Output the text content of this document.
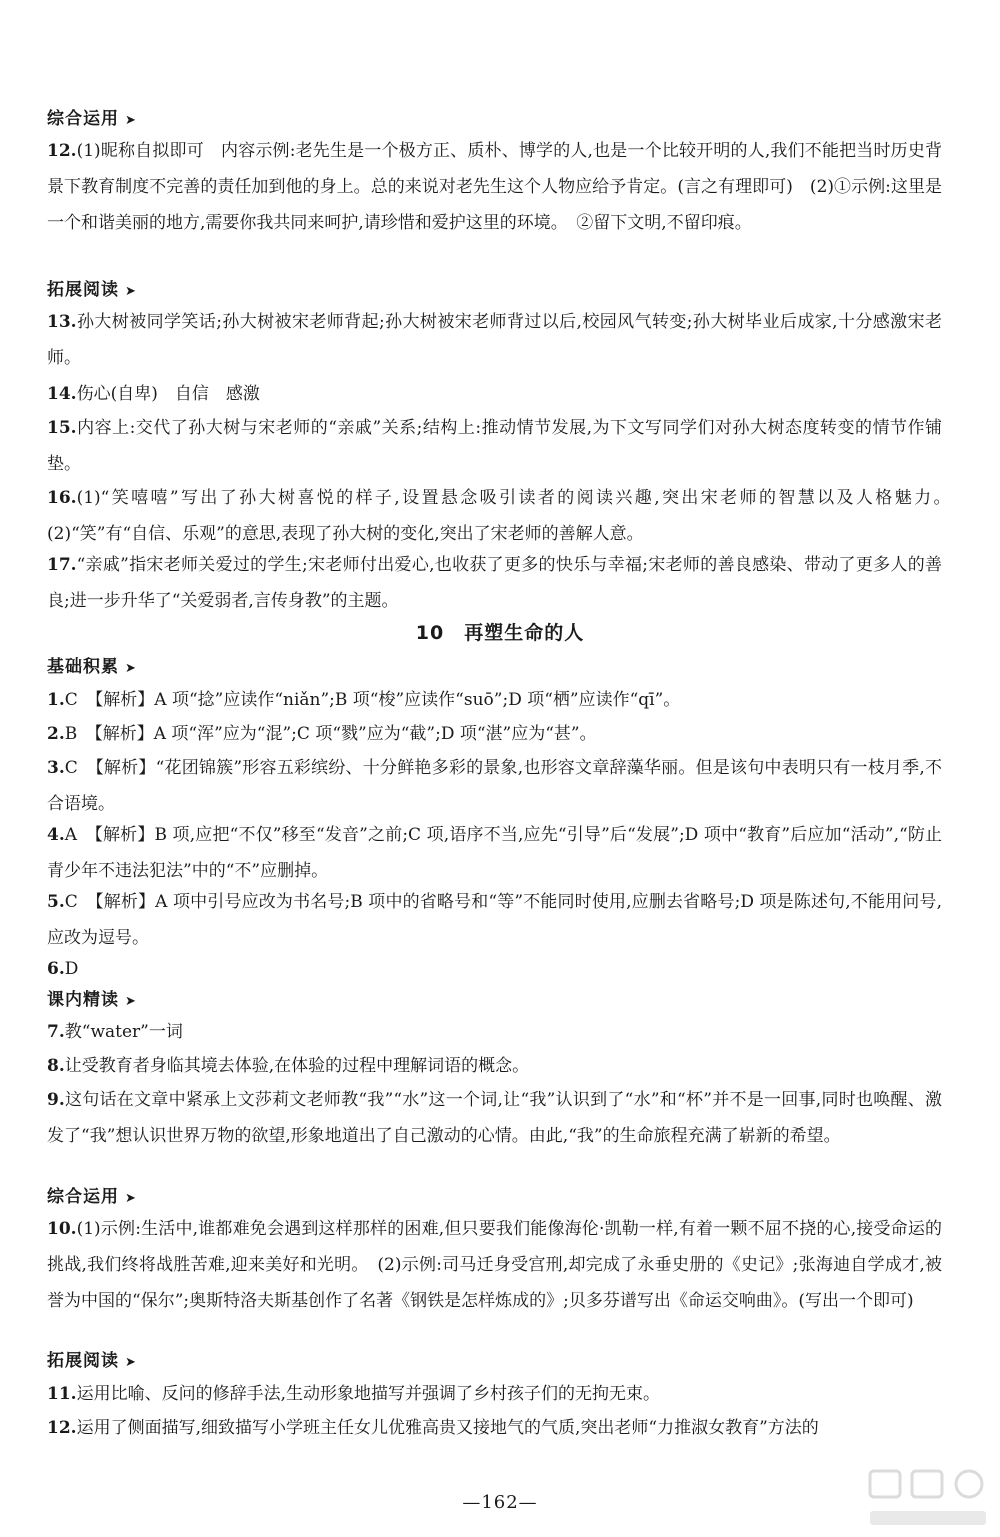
综合运用 ➤
12.(1)昵称自拟即可　内容示例:老先生是一个极方正、质朴、博学的人,也是一个比较开明的人,我们不能把当时历史背景下教育制度不完善的责任加到他的身上。总的来说对老先生这个人物应给予肯定。(言之有理即可)　(2)①示例:这里是一个和谐美丽的地方,需要你我共同来呵护,请珍惜和爱护这里的环境。　②留下文明,不留印痕。
拓展阅读 ➤
13.孙大树被同学笑话;孙大树被宋老师背起;孙大树被宋老师背过以后,校园风气转变;孙大树毕业后成家,十分感激宋老师。
14.伤心(自卑)　自信　感激
15.内容上:交代了孙大树与宋老师的“亲戚”关系;结构上:推动情节发展,为下文写同学们对孙大树态度转变的情节作铺垫。
16.(1)“笑嘻嘻”写出了孙大树喜悦的样子,设置悬念吸引读者的阅读兴趣,突出宋老师的智慧以及人格魅力。　(2)“笑”有“自信、乐观”的意思,表现了孙大树的变化,突出了宋老师的善解人意。
17.“亲戚”指宋老师关爱过的学生;宋老师付出爱心,也收获了更多的快乐与幸福;宋老师的善良感染、带动了更多人的善良;进一步升华了“关爱弱者,言传身教”的主题。
10　再塑生命的人
基础积累 ➤
1.C　【解析】A 项“捻”应读作“niǎn”;B 项“梭”应读作“suō”;D 项“栖”应读作“qī”。
2.B　【解析】A 项“浑”应为“混”;C 项“戮”应为“截”;D 项“湛”应为“甚”。
3.C　【解析】“花团锦簇”形容五彩缤纷、十分鲜艳多彩的景象,也形容文章辞藻华丽。但是该句中表明只有一枝月季,不合语境。
4.A　【解析】B 项,应把“不仅”移至“发音”之前;C 项,语序不当,应先“引导”后“发展”;D 项中“教育”后应加“活动”,“防止青少年不违法犯法”中的“不”应删掉。
5.C　【解析】A 项中引号应改为书名号;B 项中的省略号和“等”不能同时使用,应删去省略号;D 项是陈述句,不能用问号,应改为逗号。
6.D
课内精读 ➤
7.教“water”一词
8.让受教育者身临其境去体验,在体验的过程中理解词语的概念。
9.这句话在文章中紧承上文莎莉文老师教“我”“水”这一个词,让“我”认识到了“水”和“杯”并不是一回事,同时也唤醒、激发了“我”想认识世界万物的欲望,形象地道出了自己激动的心情。由此,“我”的生命旅程充满了崭新的希望。
综合运用 ➤
10.(1)示例:生活中,谁都难免会遇到这样那样的困难,但只要我们能像海伦·凯勒一样,有着一颗不屈不挠的心,接受命运的挑战,我们终将战胜苦难,迎来美好和光明。　(2)示例:司马迁身受宫刑,却完成了永垂史册的《史记》;张海迪自学成才,被誉为中国的“保尔”;奥斯特洛夫斯基创作了名著《钢铁是怎样炼成的》;贝多芬谱写出《命运交响曲》。(写出一个即可)
拓展阅读 ➤
11.运用比喻、反问的修辞手法,生动形象地描写并强调了乡村孩子们的无拘无束。
12.运用了侧面描写,细致描写小学班主任女儿优雅高贵又接地气的气质,突出老师“力推淑女教育”方法的
—162—
